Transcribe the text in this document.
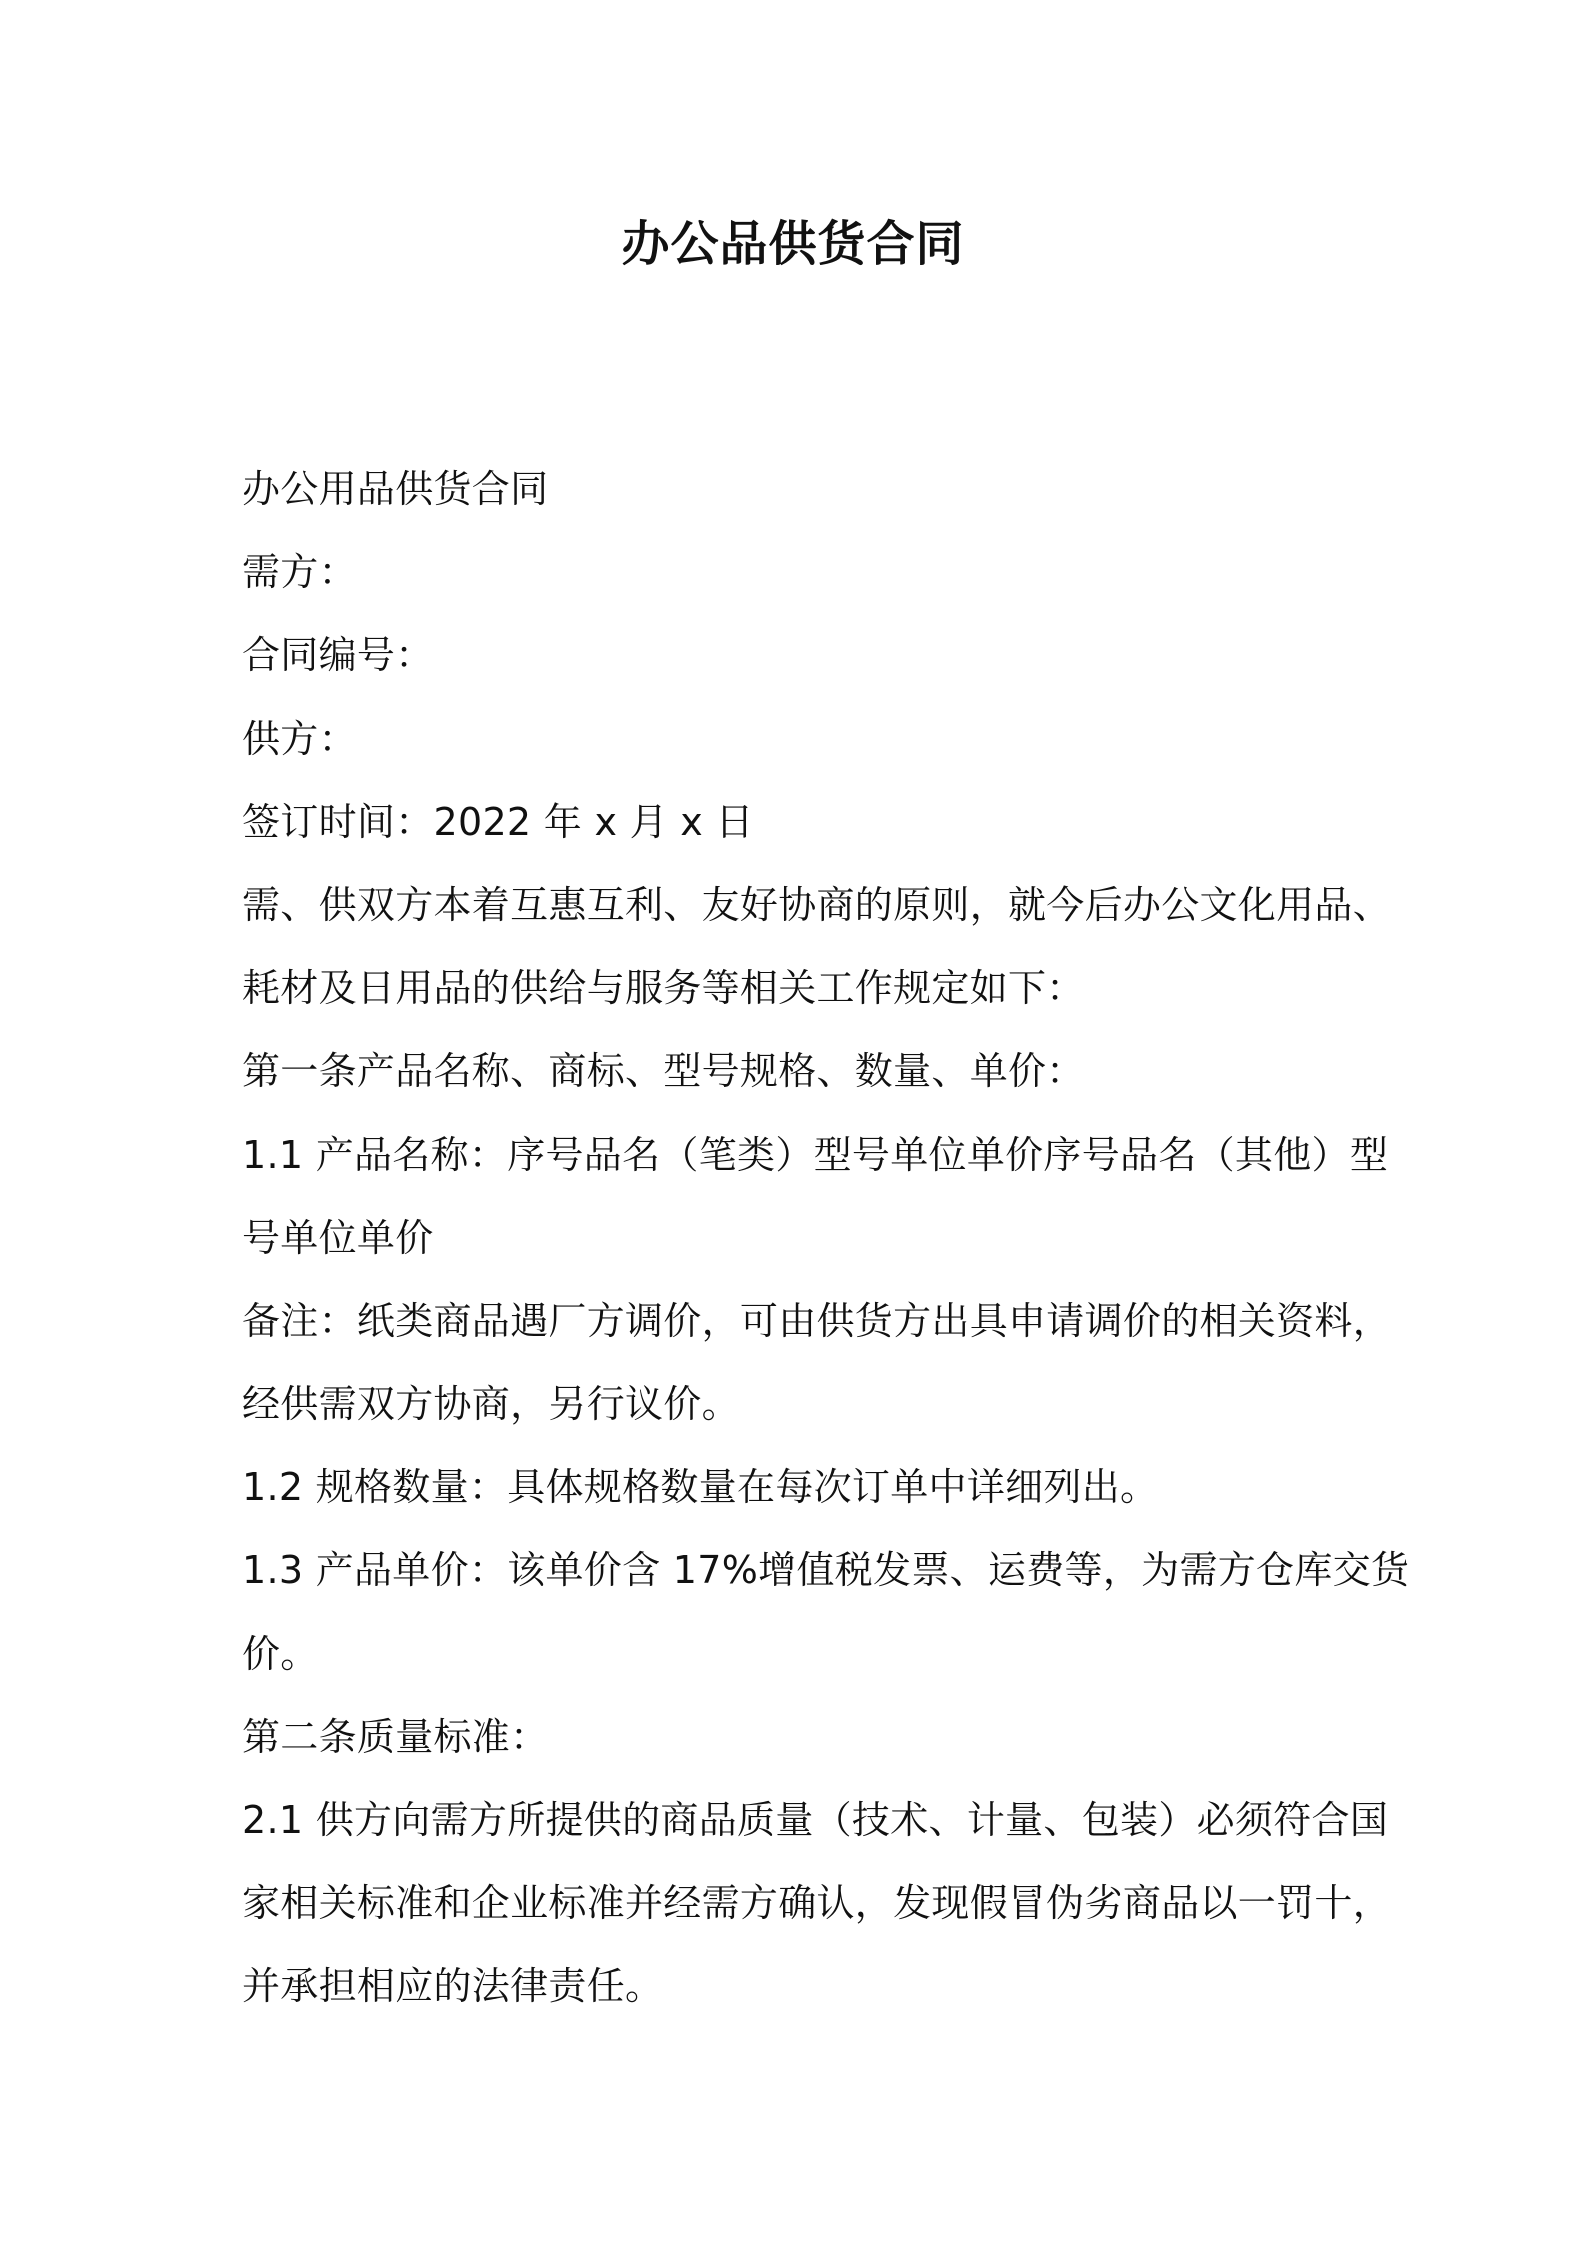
办公品供货合同
办公用品供货合同
需方：
合同编号：
供方：
签订时间：2022 年 x 月 x 日
需、供双方本着互惠互利、友好协商的原则，就今后办公文化用品、
耗材及日用品的供给与服务等相关工作规定如下：
第一条产品名称、商标、型号规格、数量、单价：
1.1 产品名称：序号品名（笔类）型号单位单价序号品名（其他）型
号单位单价
备注：纸类商品遇厂方调价，可由供货方出具申请调价的相关资料，
经供需双方协商，另行议价。
1.2 规格数量：具体规格数量在每次订单中详细列出。
1.3 产品单价：该单价含 17%增值税发票、运费等，为需方仓库交货
价。
第二条质量标准：
2.1 供方向需方所提供的商品质量（技术、计量、包装）必须符合国
家相关标准和企业标准并经需方确认，发现假冒伪劣商品以一罚十，
并承担相应的法律责任。
